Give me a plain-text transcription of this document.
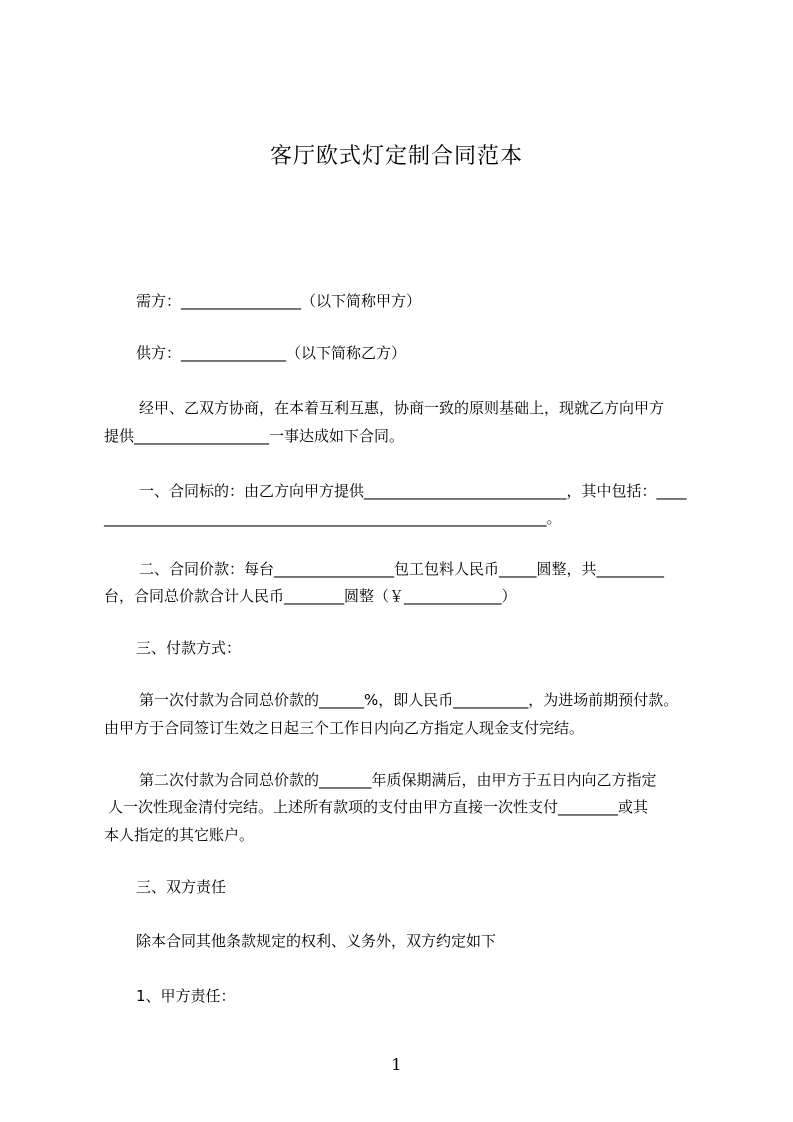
客厅欧式灯定制合同范本
需方：________________（以下简称甲方）
供方：______________（以下简称乙方）
经甲、乙双方协商，在本着互利互惠，协商一致的原则基础上，现就乙方向甲方
提供__________________一事达成如下合同。
一、合同标的：由乙方向甲方提供___________________________，其中包括：____
___________________________________________________________。
二、合同价款：每台________________包工包料人民币_____圆整，共_________
台，合同总价款合计人民币________圆整（￥_____________）
三、付款方式：
第一次付款为合同总价款的______%，即人民币__________，为进场前期预付款。
由甲方于合同签订生效之日起三个工作日内向乙方指定人现金支付完结。
第二次付款为合同总价款的_______年质保期满后，由甲方于五日内向乙方指定
人一次性现金清付完结。上述所有款项的支付由甲方直接一次性支付________或其
本人指定的其它账户。
三、双方责任
除本合同其他条款规定的权利、义务外，双方约定如下
1、甲方责任：
1
